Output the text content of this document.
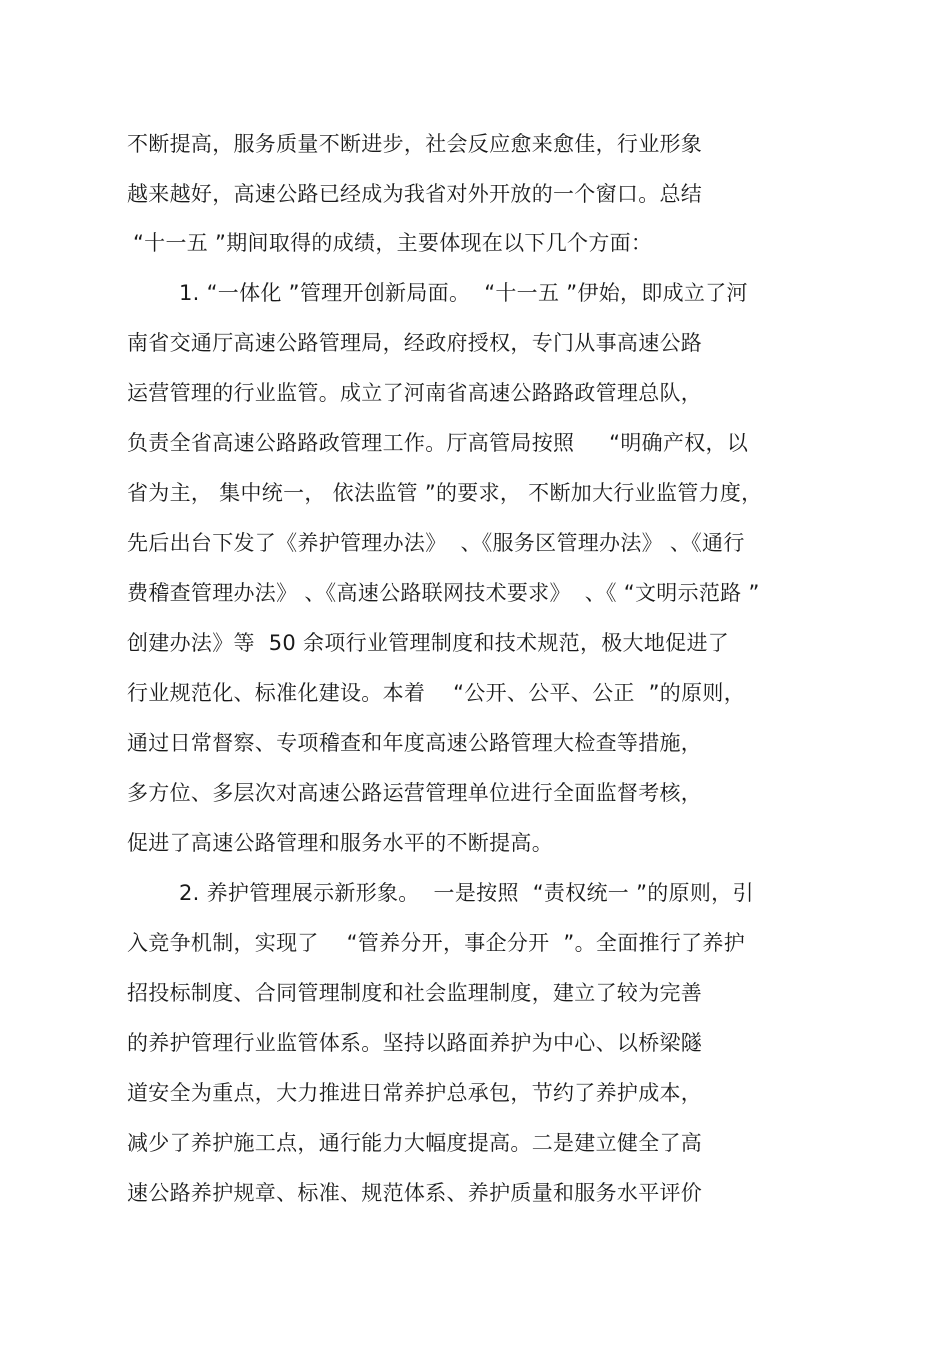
不断提高，服务质量不断进步，社会反应愈来愈佳，行业形象
越来越好，高速公路已经成为我省对外开放的一个窗口。总结
“十一五 ”期间取得的成绩，主要体现在以下几个方面：
1. “一体化 ”管理开创新局面。  “十一五 ”伊始，即成立了河
南省交通厅高速公路管理局，经政府授权，专门从事高速公路
运营管理的行业监管。成立了河南省高速公路路政管理总队，
负责全省高速公路路政管理工作。厅高管局按照     “明确产权，以
省为主， 集中统一， 依法监管 ”的要求， 不断加大行业监管力度，
先后出台下发了《养护管理办法》  、《服务区管理办法》 、《通行
费稽查管理办法》 、《高速公路联网技术要求》  、《 “文明示范路 ”
创建办法》等  50 余项行业管理制度和技术规范，极大地促进了
行业规范化、标准化建设。本着    “公开、公平、公正  ”的原则，
通过日常督察、专项稽查和年度高速公路管理大检查等措施，
多方位、多层次对高速公路运营管理单位进行全面监督考核，
促进了高速公路管理和服务水平的不断提高。
2. 养护管理展示新形象。  一是按照  “责权统一 ”的原则，引
入竞争机制，实现了    “管养分开，事企分开  ”。全面推行了养护
招投标制度、合同管理制度和社会监理制度，建立了较为完善
的养护管理行业监管体系。坚持以路面养护为中心、以桥梁隧
道安全为重点，大力推进日常养护总承包，节约了养护成本，
减少了养护施工点，通行能力大幅度提高。二是建立健全了高
速公路养护规章、标准、规范体系、养护质量和服务水平评价
